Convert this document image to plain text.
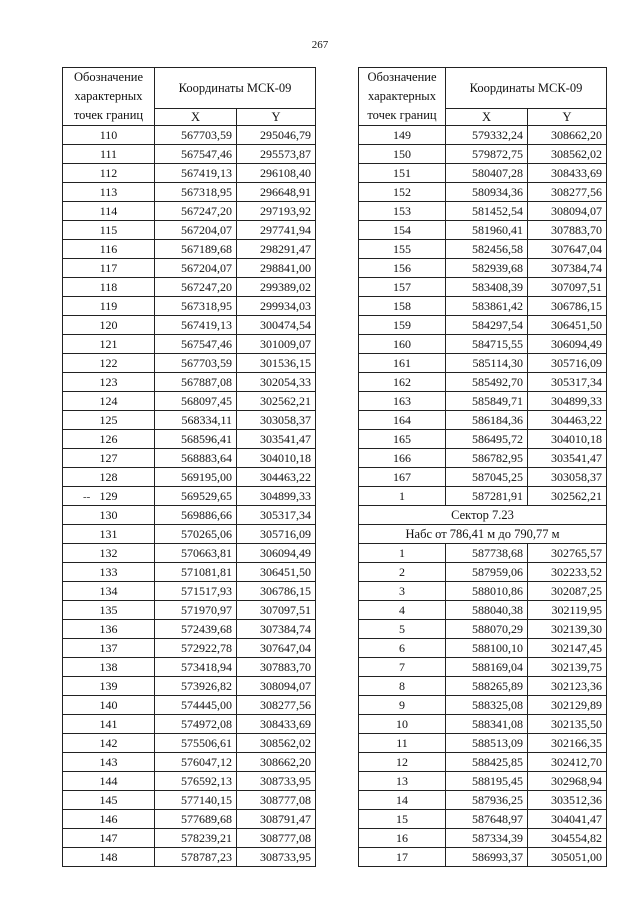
267
--
Обозначение характерных точек границ	Координаты МСК-09	
	X	Y
110	567703,59	295046,79
111	567547,46	295573,87
112	567419,13	296108,40
113	567318,95	296648,91
114	567247,20	297193,92
115	567204,07	297741,94
116	567189,68	298291,47
117	567204,07	298841,00
118	567247,20	299389,02
119	567318,95	299934,03
120	567419,13	300474,54
121	567547,46	301009,07
122	567703,59	301536,15
123	567887,08	302054,33
124	568097,45	302562,21
125	568334,11	303058,37
126	568596,41	303541,47
127	568883,64	304010,18
128	569195,00	304463,22
129	569529,65	304899,33
130	569886,66	305317,34
131	570265,06	305716,09
132	570663,81	306094,49
133	571081,81	306451,50
134	571517,93	306786,15
135	571970,97	307097,51
136	572439,68	307384,74
137	572922,78	307647,04
138	573418,94	307883,70
139	573926,82	308094,07
140	574445,00	308277,56
141	574972,08	308433,69
142	575506,61	308562,02
143	576047,12	308662,20
144	576592,13	308733,95
145	577140,15	308777,08
146	577689,68	308791,47
147	578239,21	308777,08
148	578787,23	308733,95
Обозначение характерных точек границ	Координаты МСК-09	
	X	Y
149	579332,24	308662,20
150	579872,75	308562,02
151	580407,28	308433,69
152	580934,36	308277,56
153	581452,54	308094,07
154	581960,41	307883,70
155	582456,58	307647,04
156	582939,68	307384,74
157	583408,39	307097,51
158	583861,42	306786,15
159	584297,54	306451,50
160	584715,55	306094,49
161	585114,30	305716,09
162	585492,70	305317,34
163	585849,71	304899,33
164	586184,36	304463,22
165	586495,72	304010,18
166	586782,95	303541,47
167	587045,25	303058,37
1	587281,91	302562,21
Сектор 7.23		
Набс от 786,41 м до 790,77 м		
1	587738,68	302765,57
2	587959,06	302233,52
3	588010,86	302087,25
4	588040,38	302119,95
5	588070,29	302139,30
6	588100,10	302147,45
7	588169,04	302139,75
8	588265,89	302123,36
9	588325,08	302129,89
10	588341,08	302135,50
11	588513,09	302166,35
12	588425,85	302412,70
13	588195,45	302968,94
14	587936,25	303512,36
15	587648,97	304041,47
16	587334,39	304554,82
17	586993,37	305051,00
